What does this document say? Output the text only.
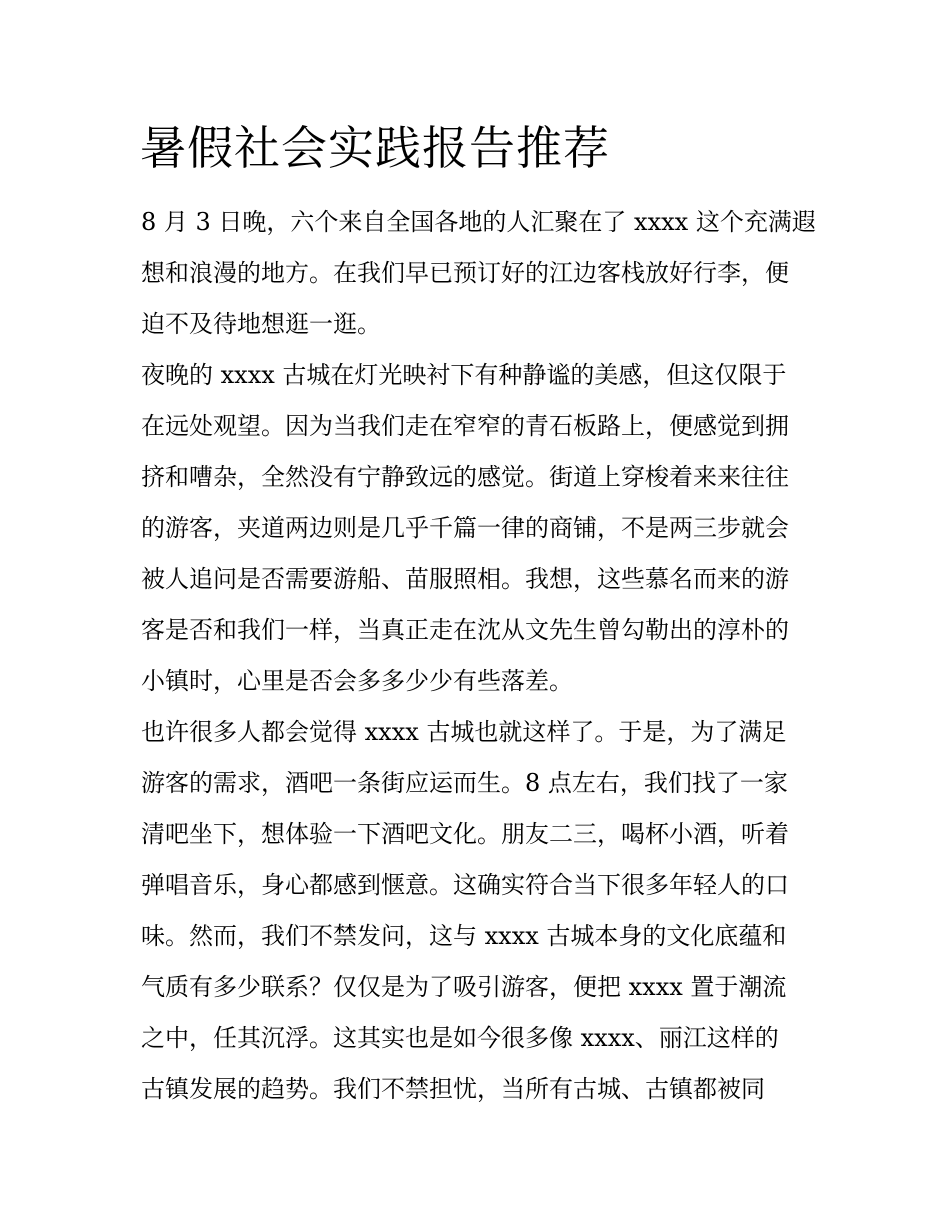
暑假社会实践报告推荐

8 月 3 日晚，六个来自全国各地的人汇聚在了 xxxx 这个充满遐

想和浪漫的地方。在我们早已预订好的江边客栈放好行李，便

迫不及待地想逛一逛。

夜晚的 xxxx 古城在灯光映衬下有种静谧的美感，但这仅限于

在远处观望。因为当我们走在窄窄的青石板路上，便感觉到拥

挤和嘈杂，全然没有宁静致远的感觉。街道上穿梭着来来往往

的游客，夹道两边则是几乎千篇一律的商铺，不是两三步就会

被人追问是否需要游船、苗服照相。我想，这些慕名而来的游

客是否和我们一样，当真正走在沈从文先生曾勾勒出的淳朴的

小镇时，心里是否会多多少少有些落差。

也许很多人都会觉得 xxxx 古城也就这样了。于是，为了满足

游客的需求，酒吧一条街应运而生。8 点左右，我们找了一家

清吧坐下，想体验一下酒吧文化。朋友二三，喝杯小酒，听着

弹唱音乐，身心都感到惬意。这确实符合当下很多年轻人的口

味。然而，我们不禁发问，这与 xxxx 古城本身的文化底蕴和

气质有多少联系？仅仅是为了吸引游客，便把 xxxx 置于潮流

之中，任其沉浮。这其实也是如今很多像 xxxx、丽江这样的

古镇发展的趋势。我们不禁担忧，当所有古城、古镇都被同
